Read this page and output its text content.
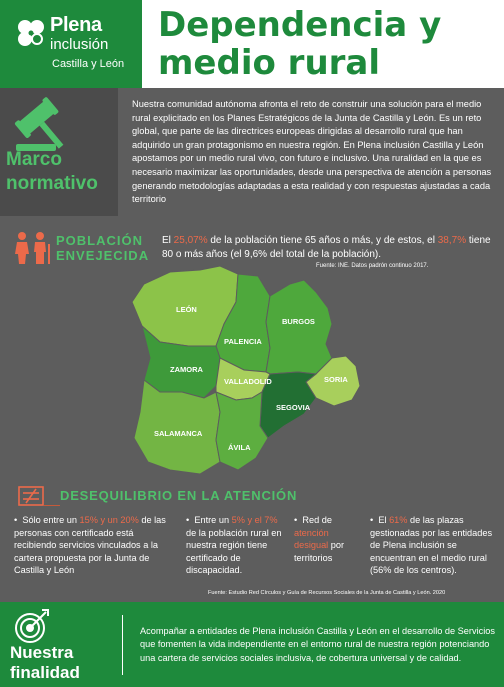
Plena
inclusión
Castilla y León
Dependencia y medio rural
Marco
normativo
Nuestra comunidad autónoma afronta el reto de construir una solución para el medio rural explicitado en los Planes Estratégicos de la Junta de Castilla y León. Es un reto global, que parte de las directrices europeas dirigidas al desarrollo rural que han adquirido un gran protagonismo en nuestra región. En Plena inclusión Castilla y León apostamos por un medio rural vivo, con futuro e inclusivo. Una ruralidad en la que es necesario maximizar las oportunidades, desde una perspectiva de atención a personas generando metodologías adaptadas a esta realidad y con respuestas ajustadas a cada territorio
POBLACIÓN
ENVEJECIDA
El 25,07% de la población tiene 65 años o más, y de estos, el 38,7% tiene 80 o más años (el 9,6% del total de la población).
Fuente: INE. Datos padrón continuo 2017.
LEÓN
PALENCIA
BURGOS
ZAMORA
VALLADOLID	SORIA
SEGOVIA
SALAMANCA
ÁVILA
DESEQUILIBRIO EN LA ATENCIÓN
•  Sólo entre un 15% y un 20% de las personas con certificado está recibiendo servicios vinculados a la cartera propuesta por la Junta de Castilla y León
•  Entre un 5% y el 7% de la población rural en nuestra región tiene certificado de discapacidad.
•  Red de atención desigual por territorios
•  El 61% de las plazas gestionadas por las entidades de Plena inclusión se encuentran en el medio rural (56% de los centros).
Fuente: Estudio Red Círculos y Guía de Recursos Sociales de la Junta de Castilla y León. 2020
Nuestra
finalidad
Acompañar a entidades de Plena inclusión Castilla y León en el desarrollo de Servicios que fomenten la vida independiente en el entorno rural de nuestra región potenciando una cartera de servicios sociales inclusiva, de cobertura universal y de calidad.
